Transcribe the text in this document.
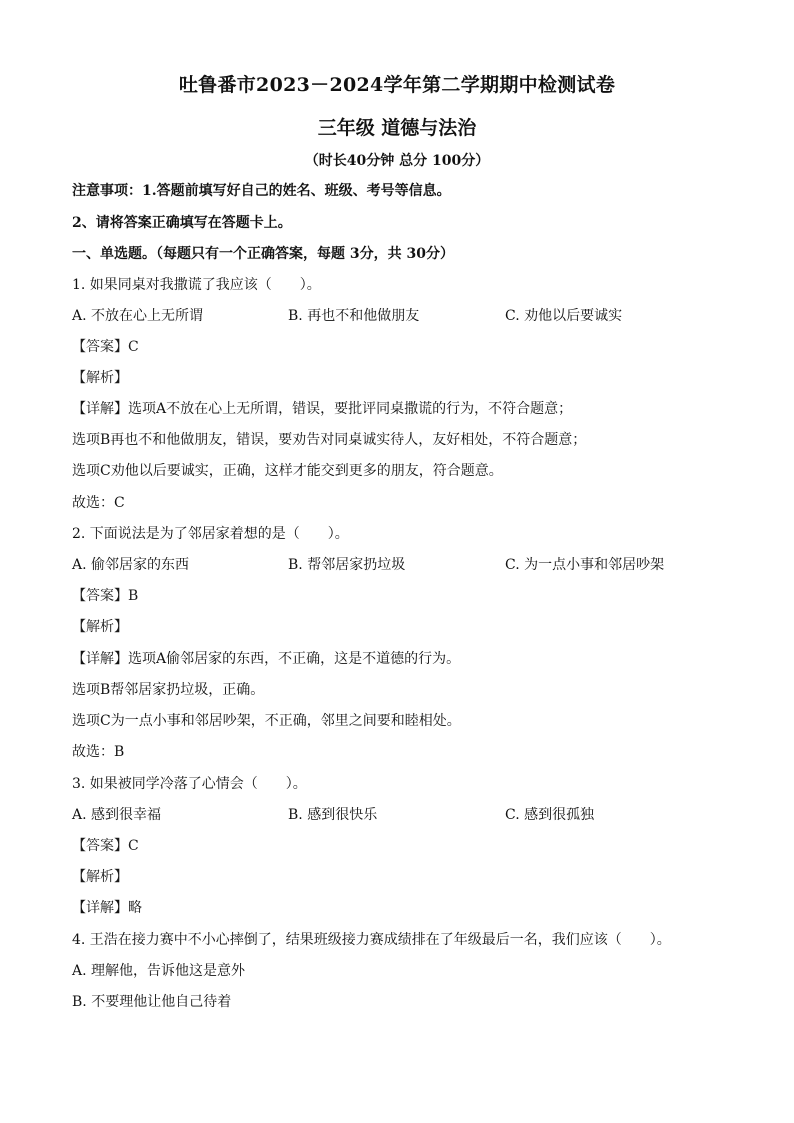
吐鲁番市2023－2024学年第二学期期中检测试卷
三年级 道德与法治
（时长40分钟 总分 100分）
注意事项：1.答题前填写好自己的姓名、班级、考号等信息。
2、请将答案正确填写在答题卡上。
一、单选题。（每题只有一个正确答案，每题 3分，共 30分）
1. 如果同桌对我撒谎了我应该（　　）。
A. 不放在心上无所谓	B. 再也不和他做朋友	C. 劝他以后要诚实
【答案】C
【解析】
【详解】选项A不放在心上无所谓，错误，要批评同桌撒谎的行为，不符合题意；
选项B再也不和他做朋友，错误，要劝告对同桌诚实待人，友好相处，不符合题意；
选项C劝他以后要诚实，正确，这样才能交到更多的朋友，符合题意。
故选：C
2. 下面说法是为了邻居家着想的是（　　）。
A. 偷邻居家的东西	B. 帮邻居家扔垃圾	C. 为一点小事和邻居吵架
【答案】B
【解析】
【详解】选项A偷邻居家的东西，不正确，这是不道德的行为。
选项B帮邻居家扔垃圾，正确。
选项C为一点小事和邻居吵架，不正确，邻里之间要和睦相处。
故选：B
3. 如果被同学冷落了心情会（　　）。
A. 感到很幸福	B. 感到很快乐	C. 感到很孤独
【答案】C
【解析】
【详解】略
4. 王浩在接力赛中不小心摔倒了，结果班级接力赛成绩排在了年级最后一名，我们应该（　　）。
A. 理解他，告诉他这是意外
B. 不要理他让他自己待着
